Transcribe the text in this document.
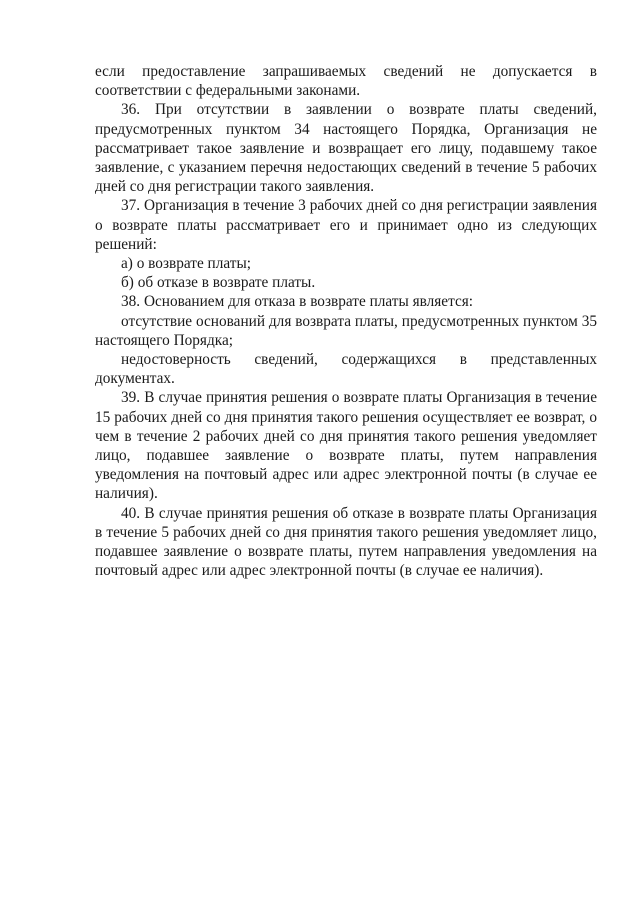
если предоставление запрашиваемых сведений не допускается в соответствии с федеральными законами.

36. При отсутствии в заявлении о возврате платы сведений, предусмотренных пунктом 34 настоящего Порядка, Организация не рассматривает такое заявление и возвращает его лицу, подавшему такое заявление, с указанием перечня недостающих сведений в течение 5 рабочих дней со дня регистрации такого заявления.

37. Организация в течение 3 рабочих дней со дня регистрации заявления о возврате платы рассматривает его и принимает одно из следующих решений:

а) о возврате платы;

б) об отказе в возврате платы.

38. Основанием для отказа в возврате платы является:

отсутствие оснований для возврата платы, предусмотренных пунктом 35 настоящего Порядка;

недостоверность сведений, содержащихся в представленных документах.

39. В случае принятия решения о возврате платы Организация в течение 15 рабочих дней со дня принятия такого решения осуществляет ее возврат, о чем в течение 2 рабочих дней со дня принятия такого решения уведомляет лицо, подавшее заявление о возврате платы, путем направления уведомления на почтовый адрес или адрес электронной почты (в случае ее наличия).

40. В случае принятия решения об отказе в возврате платы Организация в течение 5 рабочих дней со дня принятия такого решения уведомляет лицо, подавшее заявление о возврате платы, путем направления уведомления на почтовый адрес или адрес электронной почты (в случае ее наличия).
